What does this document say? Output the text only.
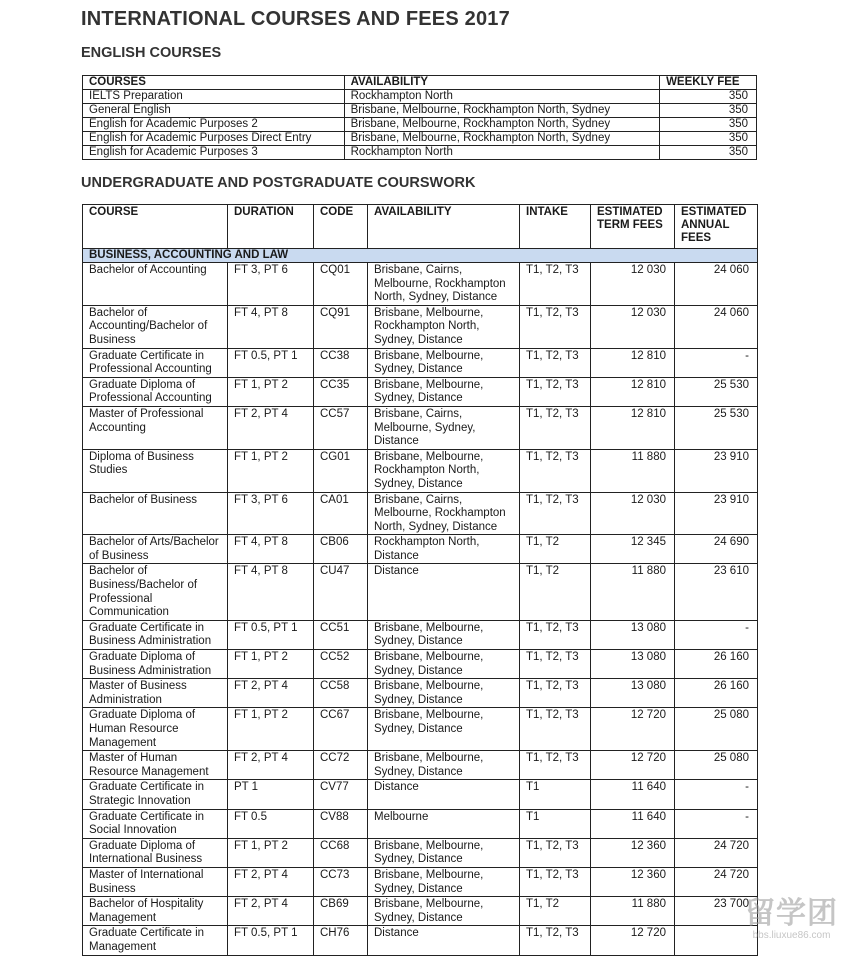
INTERNATIONAL COURSES AND FEES 2017
ENGLISH COURSES
COURSES	AVAILABILITY	WEEKLY FEE
IELTS Preparation	Rockhampton North	350
General English	Brisbane, Melbourne, Rockhampton North, Sydney	350
English for Academic Purposes 2	Brisbane, Melbourne, Rockhampton North, Sydney	350
English for Academic Purposes Direct Entry	Brisbane, Melbourne, Rockhampton North, Sydney	350
English for Academic Purposes 3	Rockhampton North	350
UNDERGRADUATE AND POSTGRADUATE COURSWORK
COURSE	DURATION	CODE	AVAILABILITY	INTAKE	ESTIMATED TERM FEES	ESTIMATED ANNUAL FEES
BUSINESS, ACCOUNTING AND LAW						
Bachelor of Accounting	FT 3, PT 6	CQ01	Brisbane, Cairns, Melbourne, Rockhampton North, Sydney, Distance	T1, T2, T3	12 030	24 060
Bachelor of Accounting/Bachelor of Business	FT 4, PT 8	CQ91	Brisbane, Melbourne, Rockhampton North, Sydney, Distance	T1, T2, T3	12 030	24 060
Graduate Certificate in Professional Accounting	FT 0.5, PT 1	CC38	Brisbane, Melbourne, Sydney, Distance	T1, T2, T3	12 810	-
Graduate Diploma of Professional Accounting	FT 1, PT 2	CC35	Brisbane, Melbourne, Sydney, Distance	T1, T2, T3	12 810	25 530
Master of Professional Accounting	FT 2, PT 4	CC57	Brisbane, Cairns, Melbourne, Sydney, Distance	T1, T2, T3	12 810	25 530
Diploma of Business Studies	FT 1, PT 2	CG01	Brisbane, Melbourne, Rockhampton North, Sydney, Distance	T1, T2, T3	11 880	23 910
Bachelor of Business	FT 3, PT 6	CA01	Brisbane, Cairns, Melbourne, Rockhampton North, Sydney, Distance	T1, T2, T3	12 030	23 910
Bachelor of Arts/Bachelor of Business	FT 4, PT 8	CB06	Rockhampton North, Distance	T1, T2	12 345	24 690
Bachelor of Business/Bachelor of Professional Communication	FT 4, PT 8	CU47	Distance	T1, T2	11 880	23 610
Graduate Certificate in Business Administration	FT 0.5, PT 1	CC51	Brisbane, Melbourne, Sydney, Distance	T1, T2, T3	13 080	-
Graduate Diploma of Business Administration	FT 1, PT 2	CC52	Brisbane, Melbourne, Sydney, Distance	T1, T2, T3	13 080	26 160
Master of Business Administration	FT 2, PT 4	CC58	Brisbane, Melbourne, Sydney, Distance	T1, T2, T3	13 080	26 160
Graduate Diploma of Human Resource Management	FT 1, PT 2	CC67	Brisbane, Melbourne, Sydney, Distance	T1, T2, T3	12 720	25 080
Master of Human Resource Management	FT 2, PT 4	CC72	Brisbane, Melbourne, Sydney, Distance	T1, T2, T3	12 720	25 080
Graduate Certificate in Strategic Innovation	PT 1	CV77	Distance	T1	11 640	-
Graduate Certificate in Social Innovation	FT 0.5	CV88	Melbourne	T1	11 640	-
Graduate Diploma of International Business	FT 1, PT 2	CC68	Brisbane, Melbourne, Sydney, Distance	T1, T2, T3	12 360	24 720
Master of International Business	FT 2, PT 4	CC73	Brisbane, Melbourne, Sydney, Distance	T1, T2, T3	12 360	24 720
Bachelor of Hospitality Management	FT 2, PT 4	CB69	Brisbane, Melbourne, Sydney, Distance	T1, T2	11 880	23 700
Graduate Certificate in Management	FT 0.5, PT 1	CH76	Distance	T1, T2, T3	12 720	
留学团
bbs.liuxue86.com
